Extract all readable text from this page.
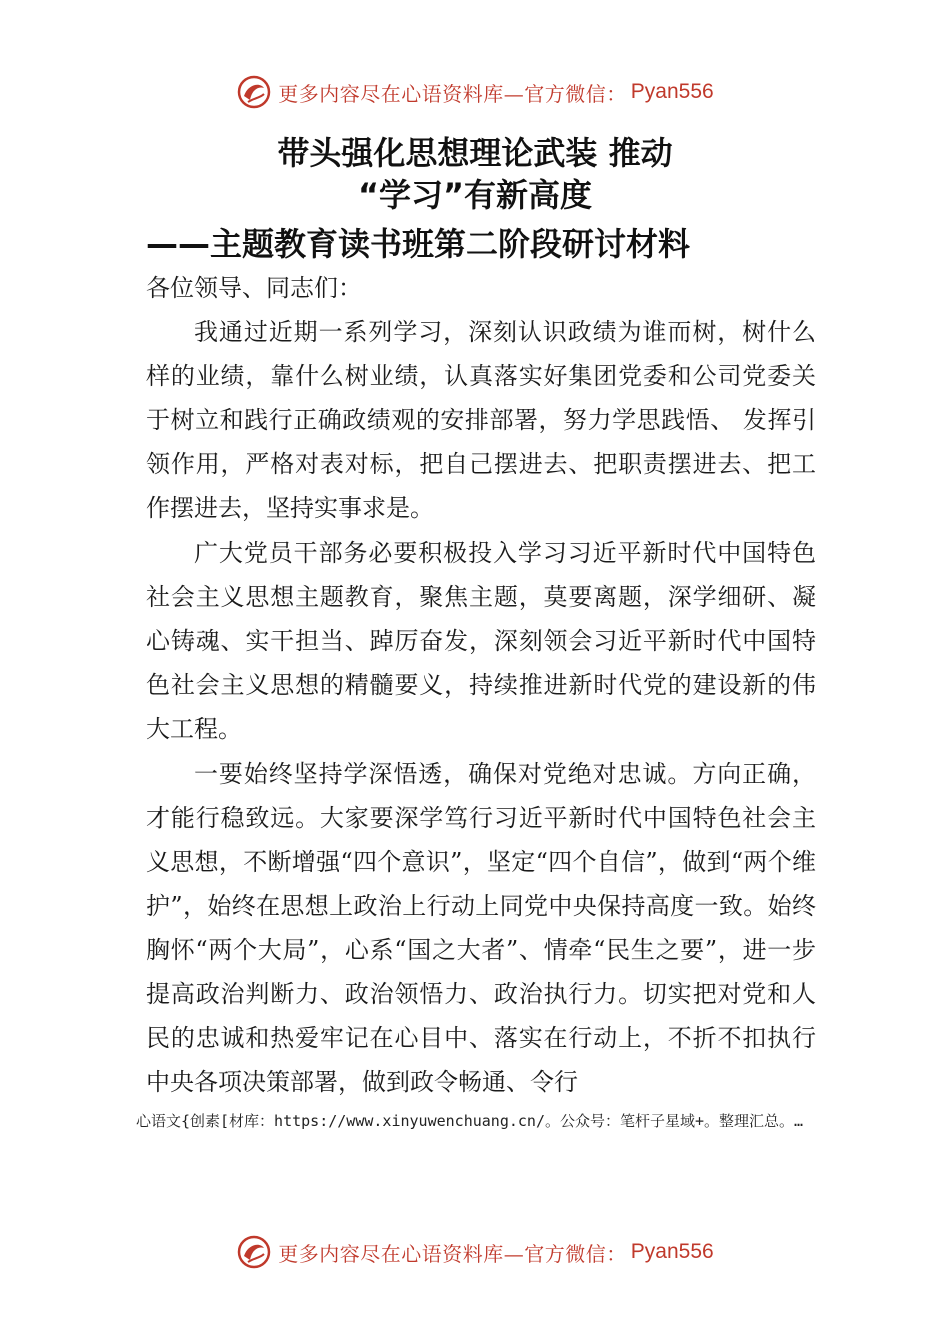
更多内容尽在心语资料库—官方微信： Pyan556
带头强化思想理论武装 推动
“学习”有新高度
——主题教育读书班第二阶段研讨材料

各位领导、同志们：

我通过近期一系列学习，深刻认识政绩为谁而树，树什么样的业绩，靠什么树业绩，认真落实好集团党委和公司党委关于树立和践行正确政绩观的安排部署，努力学思践悟、 发挥引领作用，严格对表对标，把自己摆进去、把职责摆进去、把工作摆进去，坚持实事求是。

广大党员干部务必要积极投入学习习近平新时代中国特色社会主义思想主题教育，聚焦主题，莫要离题，深学细研、凝心铸魂、实干担当、踔厉奋发，深刻领会习近平新时代中国特色社会主义思想的精髓要义，持续推进新时代党的建设新的伟大工程。

一要始终坚持学深悟透，确保对党绝对忠诚。方向正确，才能行稳致远。大家要深学笃行习近平新时代中国特色社会主义思想，不断增强“四个意识”，坚定“四个自信”，做到“两个维护”，始终在思想上政治上行动上同党中央保持高度一致。始终胸怀“两个大局”，心系“国之大者”、情牵“民生之要”，进一步提高政治判断力、政治领悟力、政治执行力。切实把对党和人民的忠诚和热爱牢记在心目中、落实在行动上，不折不扣执行中央各项决策部署，做到政令畅通、令行

心语文{创素[材库：https://www.xinyuwenchuang.cn/。公众号：笔杆子星域+。整理汇总。…

更多内容尽在心语资料库—官方微信： Pyan556
